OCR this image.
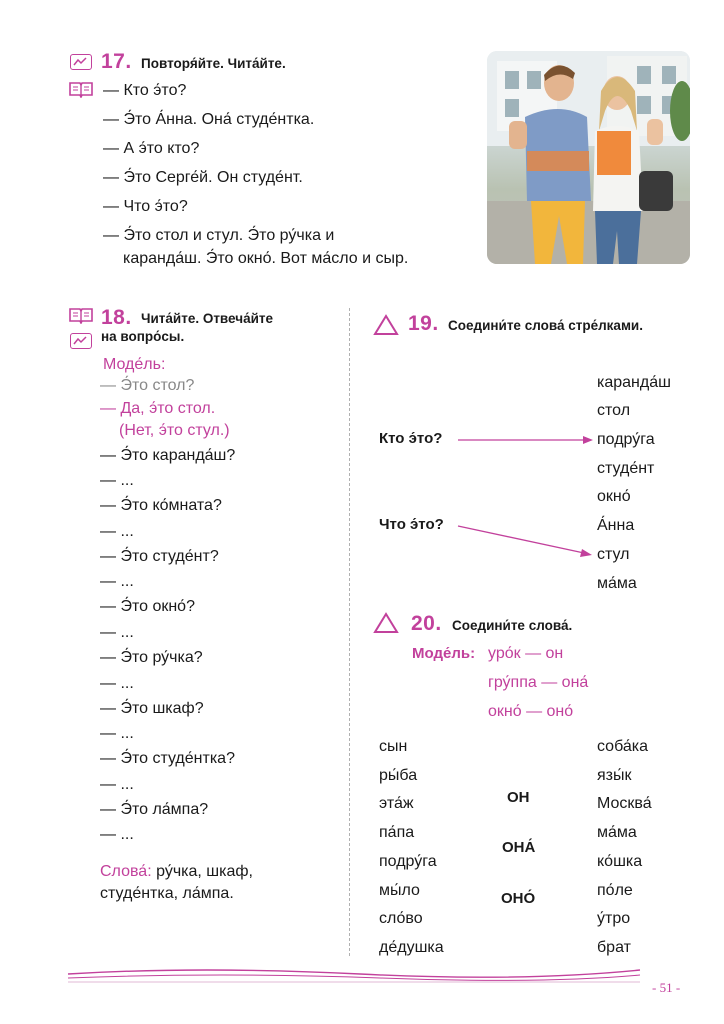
17. Повторя́йте. Чита́йте.
— Кто э́то?
— Э́то А́нна. Она́ студе́нтка.
— А э́то кто?
— Э́то Серге́й. Он студе́нт.
— Что э́то?
— Э́то стол и стул. Э́то ру́чка и
каранда́ш. Э́то окно́. Вот ма́сло и сыр.
18. Чита́йте. Отвеча́йте
на вопро́сы.
Моде́ль:
— Э́то стол?
— Да, э́то стол.
(Нет, э́то стул.)
— Э́то каранда́ш?
— ...
— Э́то ко́мната?
— ...
— Э́то студе́нт?
— ...
— Э́то окно́?
— ...
— Э́то ру́чка?
— ...
— Э́то шкаф?
— ...
— Э́то студе́нтка?
— ...
— Э́то ла́мпа?
— ...
Слова́: ру́чка, шкаф,
студе́нтка, ла́мпа.
19. Соедини́те слова́ стре́лками.
Кто э́то?
Что э́то?
каранда́ш
стол
подру́га
студе́нт
окно́
А́нна
стул
ма́ма
20. Соедини́те слова́.
Моде́ль: уро́к — он
гру́ппа — она́
окно́ — оно́
сын
ры́ба
эта́ж
па́па
подру́га
мы́ло
сло́во
де́душка
ОН
ОНА́
ОНО́
соба́ка
язы́к
Москва́
ма́ма
ко́шка
по́ле
у́тро
брат
- 51 -
